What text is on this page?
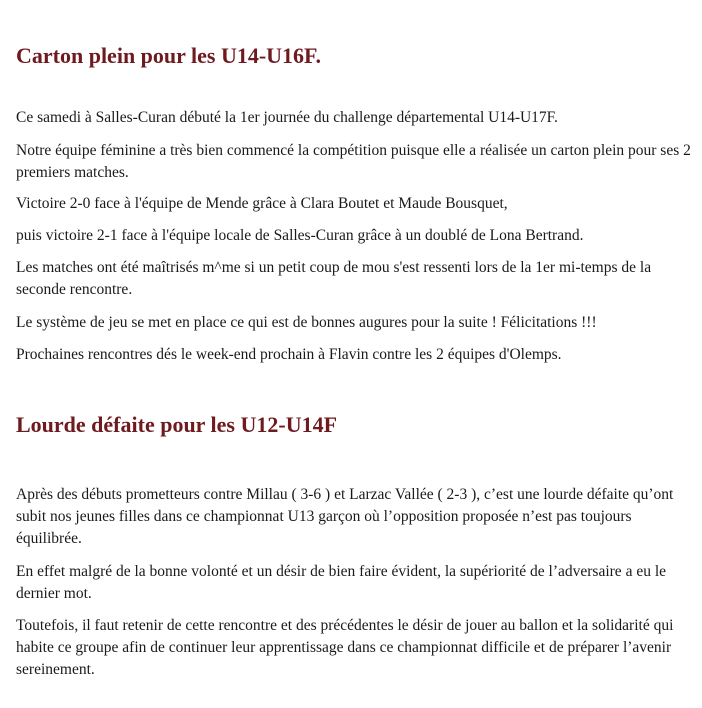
Carton plein pour les U14-U16F.

Ce samedi à Salles-Curan débuté la 1er journée du challenge départemental U14-U17F.

Notre équipe féminine a très bien commencé la compétition puisque elle a réalisée un carton plein pour ses 2 premiers matches.

Victoire 2-0 face à l'équipe de Mende grâce à Clara Boutet et Maude Bousquet,

puis victoire 2-1 face à l'équipe locale de Salles-Curan grâce à un doublé de Lona Bertrand.

Les matches ont été maîtrisés m^me si un petit coup de mou s'est ressenti lors de la 1er mi-temps de la seconde rencontre.

Le système de jeu se met en place ce qui est de bonnes augures pour la suite ! Félicitations !!!

Prochaines rencontres dés le week-end prochain à Flavin contre les 2 équipes d'Olemps.

Lourde défaite pour les U12-U14F

Après des débuts prometteurs contre Millau ( 3-6 ) et Larzac Vallée ( 2-3 ), c’est une lourde défaite qu’ont subit nos jeunes filles dans ce championnat U13 garçon où l’opposition proposée n’est pas toujours équilibrée.

En effet malgré de la bonne volonté et un désir de bien faire évident, la supériorité de l’adversaire a eu le dernier mot.

Toutefois, il faut retenir de cette rencontre et des précédentes le désir de jouer au ballon et la solidarité qui habite ce groupe afin de continuer leur apprentissage dans ce championnat difficile et de préparer l’avenir sereinement.
